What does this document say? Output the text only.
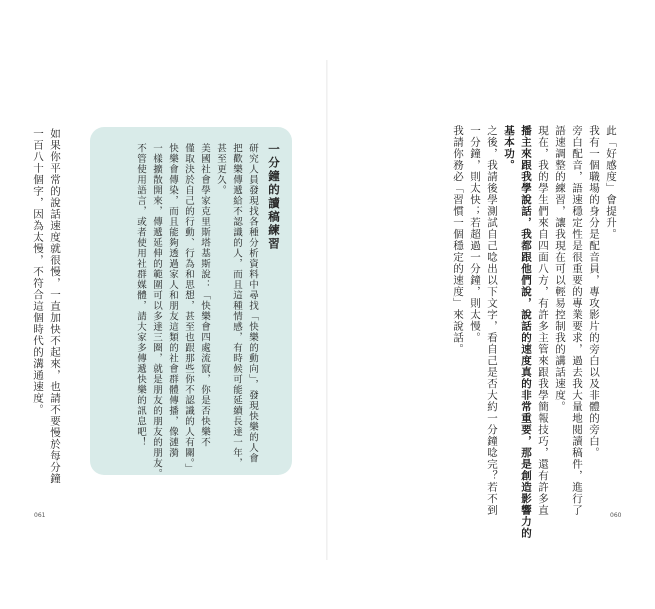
此「好感度」會提升。

我有一個職場的身分是配音員，專攻影片的旁白以及非體的旁白。

旁白配音，語速穩定性是很重要的專業要求，過去我大量地閱讀稿件，進行了

語速調整的練習，讓我現在可以輕易控制我的講話速度。

現在，我的學生們來自四面八方，有許多主管來跟我學簡報技巧，還有許多直

播主來跟我學說話，我都跟他們說，說話的速度真的非常重要，那是創造影響力的

基本功。

之後，我請後學測試自己唸出以下文字，看自己是否大約一分鐘唸完？若不到

一分鐘，則太快；若超過一分鐘，則太慢。

我請你務必「習慣一個穩定的速度」來說話。

060

如果你平常的說話速度就很慢，一直加快不起來，也請不要慢於每分鐘

一百八十個字，因為太慢，不符合這個時代的溝通速度。	一分鐘的讀稿練習

研究人員發現找各種分析資料中尋找「快樂的動向」，發現快樂的人會

把歡樂傳遞給不認識的人，而且這種情感，有時候可能延續長達一年，

甚至更久。

美國社會學家克里斯塔基斯說：「快樂會四處流竄，你是否快樂不

僅取決於自己的行動、行為和思想，甚至也跟那些你不認識的人有關。」

快樂會傳染，而且能夠透過家人和朋友這類的社會群體傳播，像漣漪

一樣擴散開來，傳遞延伸的範圍可以多達三圈，就是朋友的朋友的朋友。

不管使用語言，或者使用社群媒體，請大家多傳遞快樂的訊息吧！

061
